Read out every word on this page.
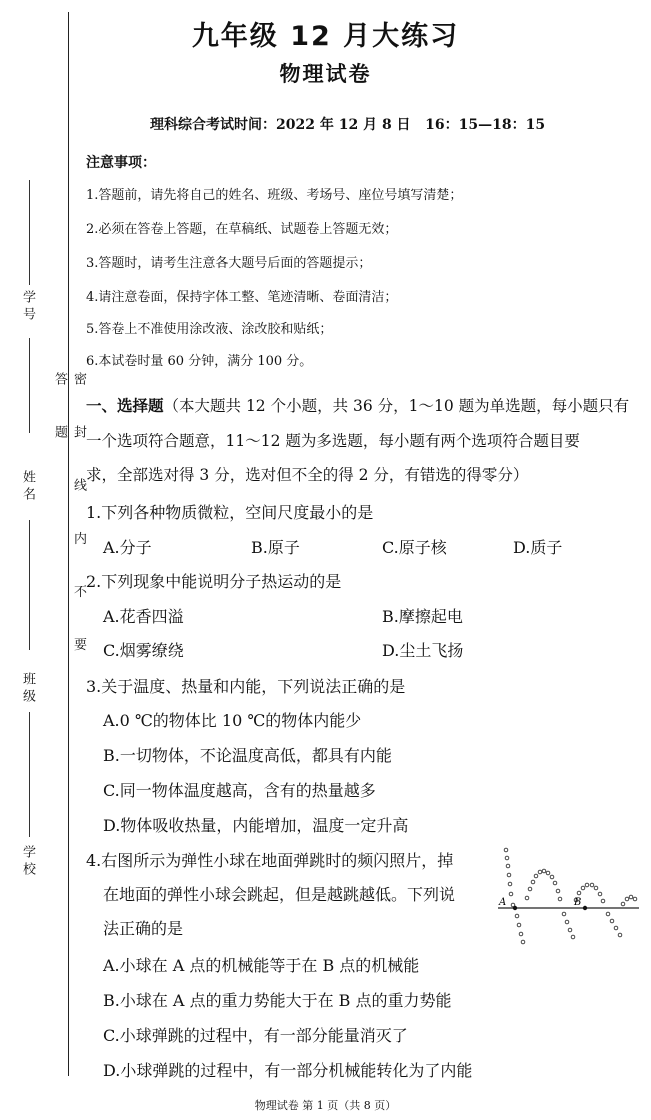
学 号
姓 名
班 级
学 校
密 封 线 内 不 要 答 题
九年级 12 月大练习
物理试卷
理科综合考试时间：2022 年 12 月 8 日   16：15—18：15
注意事项：
1.答题前，请先将自己的姓名、班级、考场号、座位号填写清楚；
2.必须在答卷上答题，在草稿纸、试题卷上答题无效；
3.答题时，请考生注意各大题号后面的答题提示；
4.请注意卷面，保持字体工整、笔迹清晰、卷面清洁；
5.答卷上不准使用涂改液、涂改胶和贴纸；
6.本试卷时量 60 分钟，满分 100 分。
一、选择题（本大题共 12 个小题，共 36 分，1～10 题为单选题，每小题只有
一个选项符合题意，11～12 题为多选题，每小题有两个选项符合题目要
求，全部选对得 3 分，选对但不全的得 2 分，有错选的得零分）
1.下列各种物质微粒，空间尺度最小的是
A.分子	B.原子	C.原子核	D.质子
2.下列现象中能说明分子热运动的是
A.花香四溢	B.摩擦起电
C.烟雾缭绕	D.尘土飞扬
3.关于温度、热量和内能，下列说法正确的是
A.0 ℃的物体比 10 ℃的物体内能少
B.一切物体，不论温度高低，都具有内能
C.同一物体温度越高，含有的热量越多
D.物体吸收热量，内能增加，温度一定升高
4.右图所示为弹性小球在地面弹跳时的频闪照片，掉
在地面的弹性小球会跳起，但是越跳越低。下列说
法正确的是
A	B
A.小球在 A 点的机械能等于在 B 点的机械能
B.小球在 A 点的重力势能大于在 B 点的重力势能
C.小球弹跳的过程中，有一部分能量消灭了
D.小球弹跳的过程中，有一部分机械能转化为了内能
物理试卷 第 1 页（共 8 页）
